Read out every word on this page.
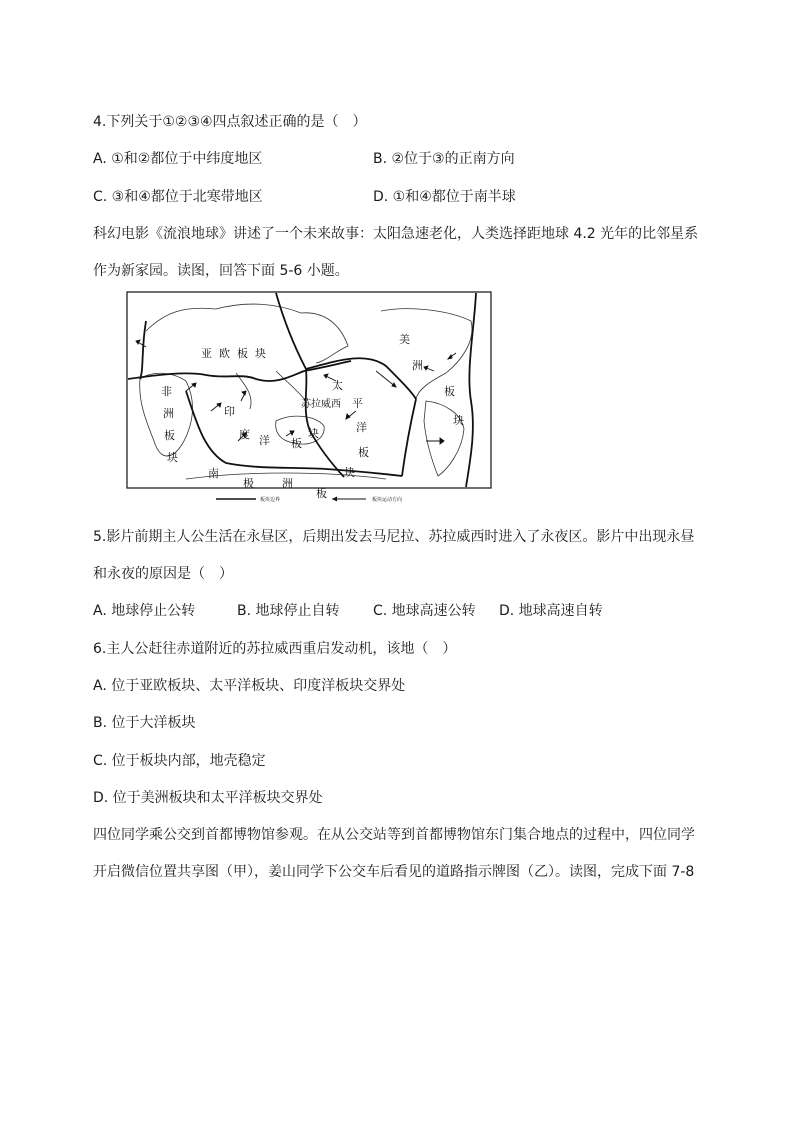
4.下列关于①②③④四点叙述正确的是（　）
A. ①和②都位于中纬度地区	B. ②位于③的正南方向
C. ③和④都位于北寒带地区	D. ①和④都位于南半球
科幻电影《流浪地球》讲述了一个未来故事：太阳急速老化，人类选择距地球 4.2 光年的比邻星系
作为新家园。读图，回答下面 5-6 小题。
亚 欧 板 块
美
洲
板
块
太
平
洋
板
块
非
洲
板
块
印
度 洋 板
块
南
极	洲
板
苏拉威西
板块边界	板块运动方向
5.影片前期主人公生活在永昼区，后期出发去马尼拉、苏拉威西时进入了永夜区。影片中出现永昼
和永夜的原因是（　）
A. 地球停止公转	B. 地球停止自转 C. 地球高速公转 D. 地球高速自转
6.主人公赶往赤道附近的苏拉威西重启发动机，该地（　）
A. 位于亚欧板块、太平洋板块、印度洋板块交界处
B. 位于大洋板块
C. 位于板块内部，地壳稳定
D. 位于美洲板块和太平洋板块交界处
四位同学乘公交到首都博物馆参观。在从公交站等到首都博物馆东门集合地点的过程中，四位同学
开启微信位置共享图（甲），姜山同学下公交车后看见的道路指示牌图（乙）。读图，完成下面 7-8
